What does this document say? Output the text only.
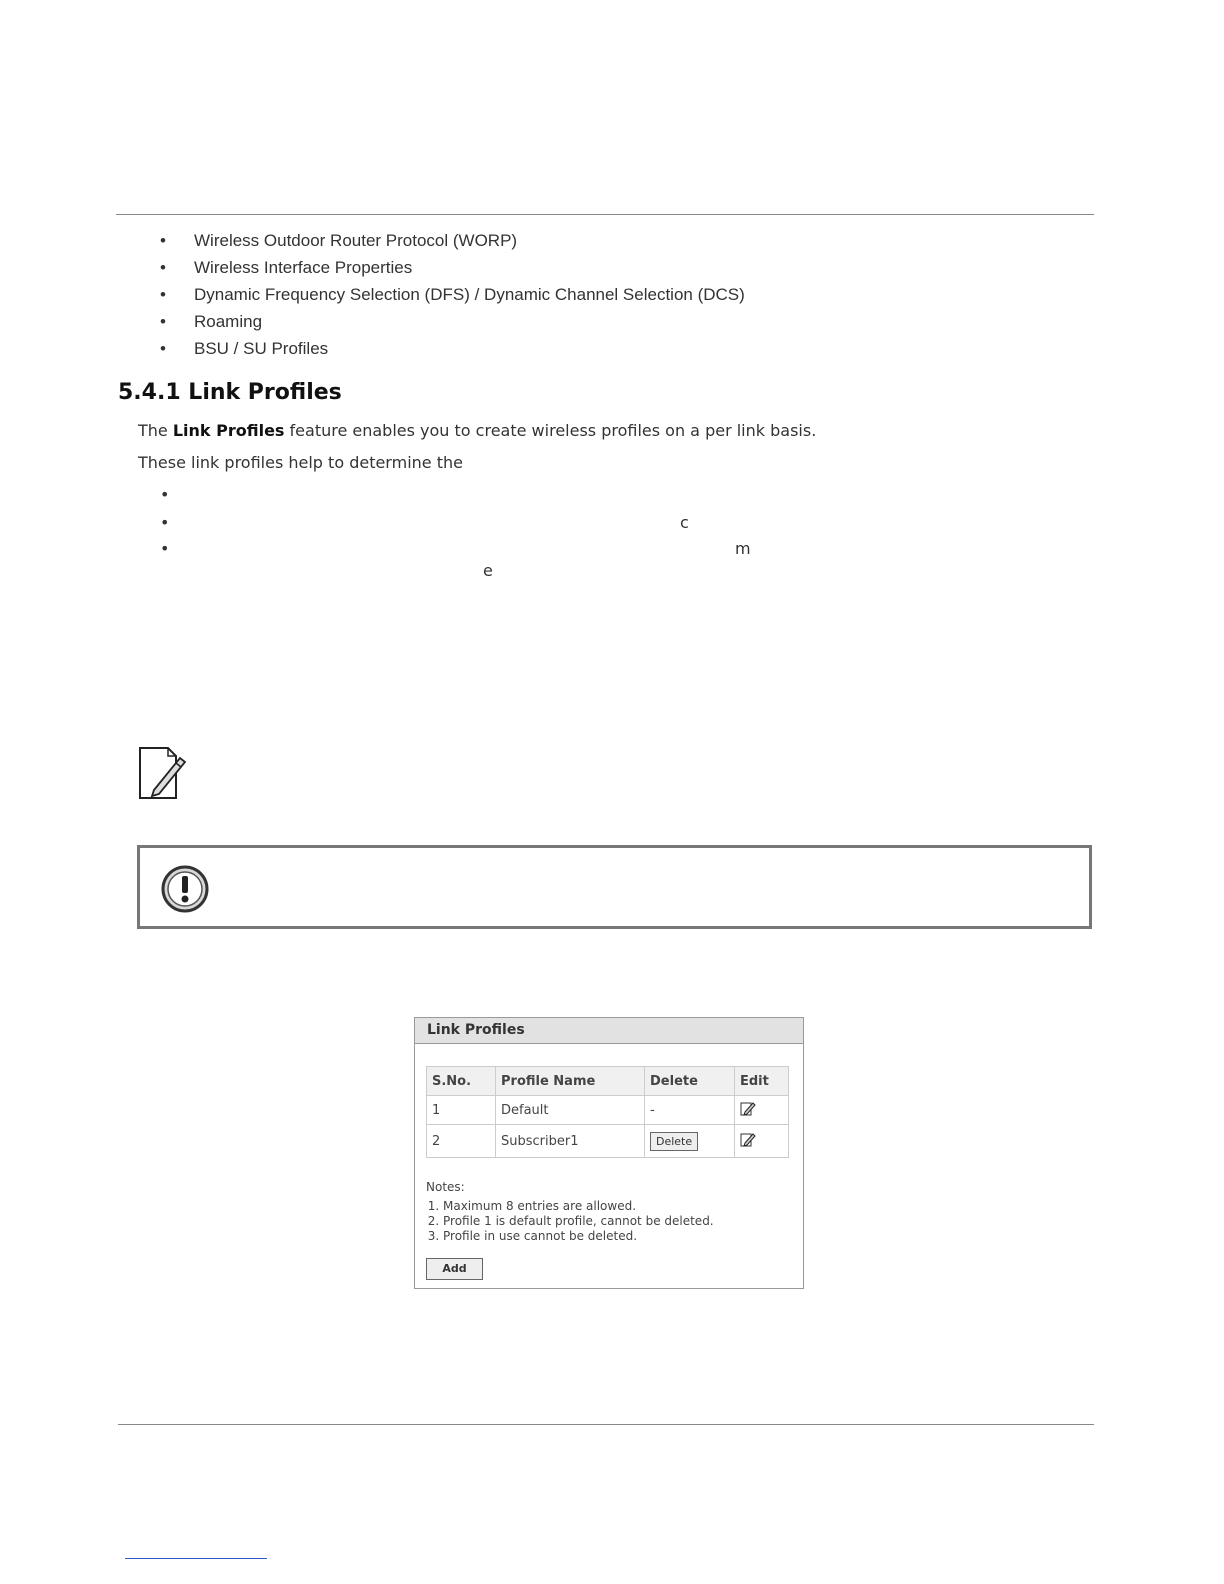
• Wireless Outdoor Router Protocol (WORP)
• Wireless Interface Properties
• Dynamic Frequency Selection (DFS) / Dynamic Channel Selection (DCS)
• Roaming
• BSU / SU Profiles
5.4.1 Link Profiles
The Link Profiles feature enables you to create wireless profiles on a per link basis.
These link profiles help to determine the
•
•
•
c
m
e
Link Profiles
S.No.	Profile Name	Delete	Edit
1	Default	-	
2	Subscriber1	Delete	
Notes:
1. Maximum 8 entries are allowed.
2. Profile 1 is default profile, cannot be deleted.
3. Profile in use cannot be deleted.
Add
